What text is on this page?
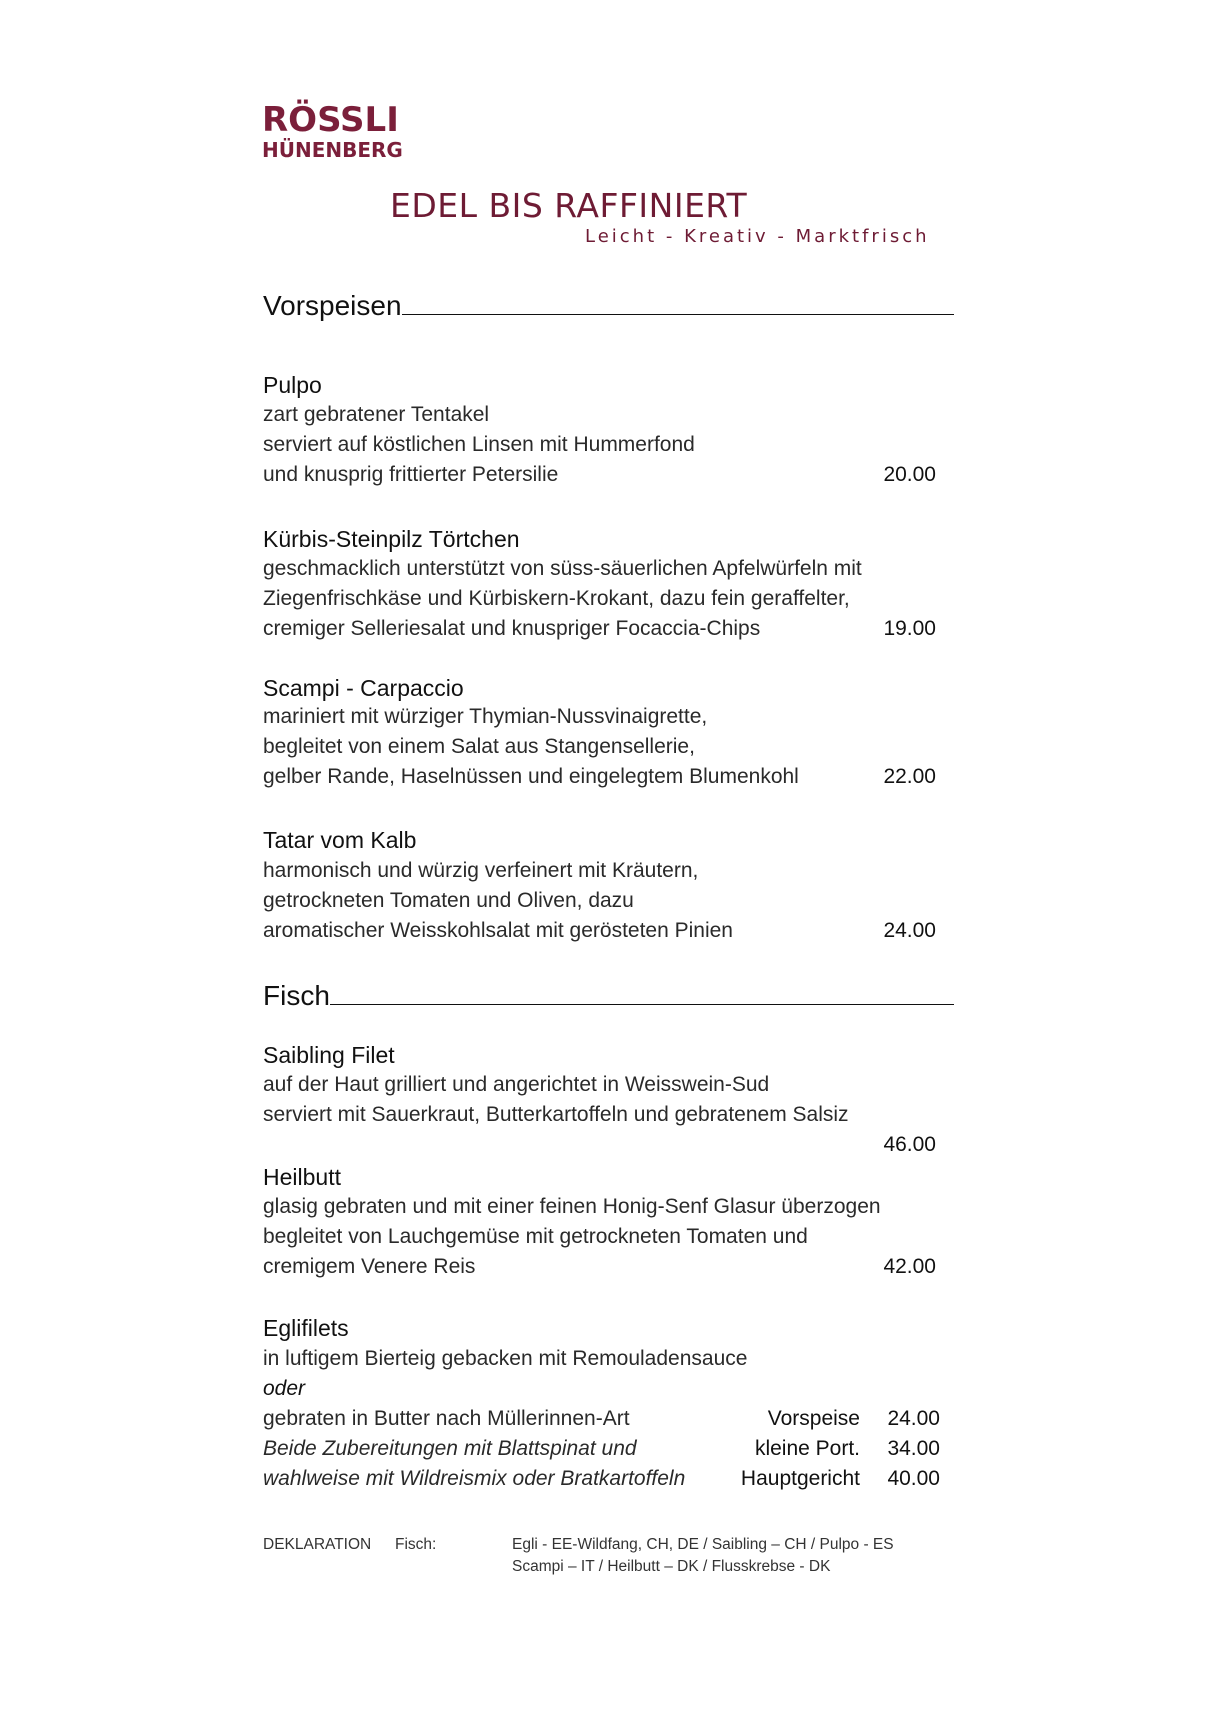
RÖSSLI
HÜNENBERG
EDEL BIS RAFFINIERT
Leicht - Kreativ - Marktfrisch
Vorspeisen
Pulpo
zart gebratener Tentakel
serviert auf köstlichen Linsen mit Hummerfond
und knusprig frittierter Petersilie	20.00
Kürbis-Steinpilz Törtchen
geschmacklich unterstützt von süss-säuerlichen Apfelwürfeln mit
Ziegenfrischkäse und Kürbiskern-Krokant, dazu fein geraffelter,
cremiger Selleriesalat und knuspriger Focaccia-Chips	19.00
Scampi - Carpaccio
mariniert mit würziger Thymian-Nussvinaigrette,
begleitet von einem Salat aus Stangensellerie,
gelber Rande, Haselnüssen und eingelegtem Blumenkohl	22.00
Tatar vom Kalb
harmonisch und würzig verfeinert mit Kräutern,
getrockneten Tomaten und Oliven, dazu
aromatischer Weisskohlsalat mit gerösteten Pinien	24.00
Fisch
Saibling Filet
auf der Haut grilliert und angerichtet in Weisswein-Sud
serviert mit Sauerkraut, Butterkartoffeln und gebratenem Salsiz
46.00
Heilbutt
glasig gebraten und mit einer feinen Honig-Senf Glasur überzogen
begleitet von Lauchgemüse mit getrockneten Tomaten und
cremigem Venere Reis	42.00
Eglifilets
in luftigem Bierteig gebacken mit Remouladensauce
oder
gebraten in Butter nach Müllerinnen-Art
Beide Zubereitungen mit Blattspinat und
wahlweise mit Wildreismix oder Bratkartoffeln
Vorspeise 24.00
kleine Port. 34.00
Hauptgericht 40.00
DEKLARATION Fisch:	Egli - EE-Wildfang, CH, DE / Saibling – CH / Pulpo - ES
Scampi – IT / Heilbutt – DK / Flusskrebse - DK
